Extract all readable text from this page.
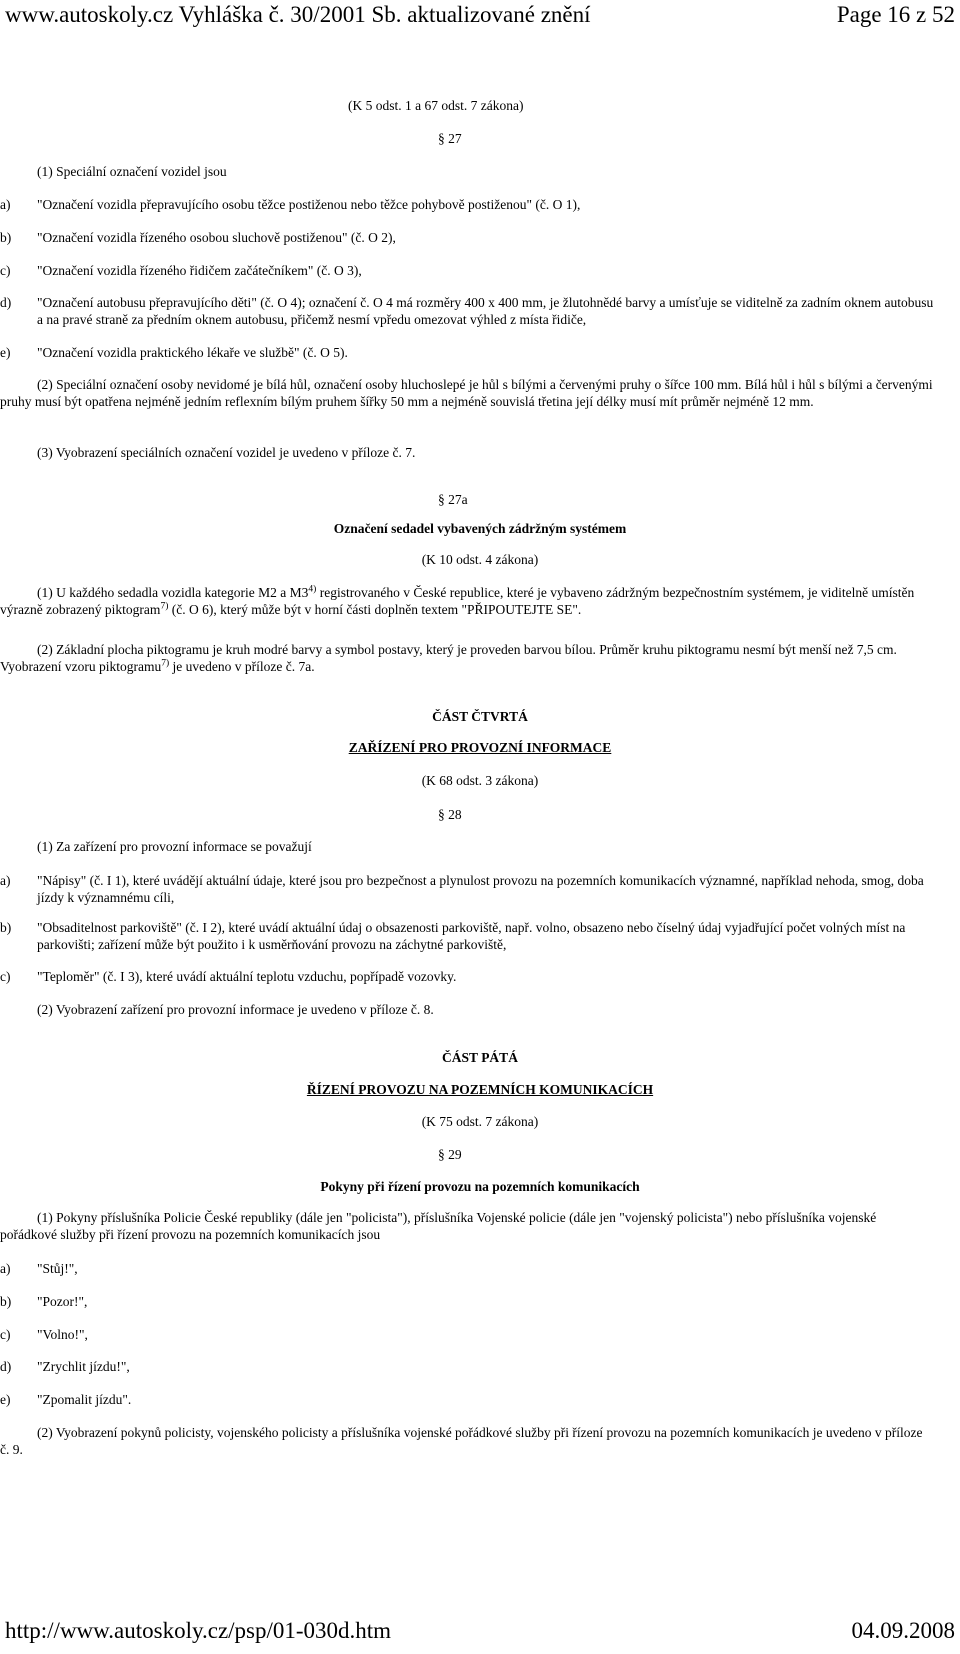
www.autoskoly.cz Vyhláška č. 30/2001 Sb. aktualizované znění	Page 16 z 52
(K 5 odst. 1 a 67 odst. 7 zákona)
§ 27
(1) Speciální označení vozidel jsou
a) "Označení vozidla přepravujícího osobu těžce postiženou nebo těžce pohybově postiženou" (č. O 1),
b) "Označení vozidla řízeného osobou sluchově postiženou" (č. O 2),
c) "Označení vozidla řízeného řidičem začátečníkem" (č. O 3),
d) "Označení autobusu přepravujícího děti" (č. O 4); označení č. O 4 má rozměry 400 x 400 mm, je žlutohnědé barvy a umísťuje se viditelně za zadním oknem autobusu a na pravé straně za předním oknem autobusu, přičemž nesmí vpředu omezovat výhled z místa řidiče,
e) "Označení vozidla praktického lékaře ve službě" (č. O 5).
(2) Speciální označení osoby nevidomé je bílá hůl, označení osoby hluchoslepé je hůl s bílými a červenými pruhy o šířce 100 mm. Bílá hůl i hůl s bílými a červenými pruhy musí být opatřena nejméně jedním reflexním bílým pruhem šířky 50 mm a nejméně souvislá třetina její délky musí mít průměr nejméně 12 mm.
(3) Vyobrazení speciálních označení vozidel je uvedeno v příloze č. 7.
§ 27a
Označení sedadel vybavených zádržným systémem
(K 10 odst. 4 zákona)
(1) U každého sedadla vozidla kategorie M2 a M3$^{4)}$ registrovaného v České republice, které je vybaveno zádržným bezpečnostním systémem, je viditelně umístěn výrazně zobrazený piktogram$^{7)}$ (č. O 6), který může být v horní části doplněn textem "PŘIPOUTEJTE SE".
(2) Základní plocha piktogramu je kruh modré barvy a symbol postavy, který je proveden barvou bílou. Průměr kruhu piktogramu nesmí být menší než 7,5 cm. Vyobrazení vzoru piktogramu$^{7)}$ je uvedeno v příloze č. 7a.
ČÁST ČTVRTÁ
ZAŘÍZENÍ PRO PROVOZNÍ INFORMACE
(K 68 odst. 3 zákona)
§ 28
(1) Za zařízení pro provozní informace se považují
a) "Nápisy" (č. I 1), které uvádějí aktuální údaje, které jsou pro bezpečnost a plynulost provozu na pozemních komunikacích významné, například nehoda, smog, doba jízdy k významnému cíli,
b) "Obsaditelnost parkoviště" (č. I 2), které uvádí aktuální údaj o obsazenosti parkoviště, např. volno, obsazeno nebo číselný údaj vyjadřující počet volných míst na parkovišti; zařízení může být použito i k usměrňování provozu na záchytné parkoviště,
c) "Teploměr" (č. I 3), které uvádí aktuální teplotu vzduchu, popřípadě vozovky.
(2) Vyobrazení zařízení pro provozní informace je uvedeno v příloze č. 8.
ČÁST PÁTÁ
ŘÍZENÍ PROVOZU NA POZEMNÍCH KOMUNIKACÍCH
(K 75 odst. 7 zákona)
§ 29
Pokyny při řízení provozu na pozemních komunikacích
(1) Pokyny příslušníka Policie České republiky (dále jen "policista"), příslušníka Vojenské policie (dále jen "vojenský policista") nebo příslušníka vojenské pořádkové služby při řízení provozu na pozemních komunikacích jsou
a) "Stůj!",
b) "Pozor!",
c) "Volno!",
d) "Zrychlit jízdu!",
e) "Zpomalit jízdu".
(2) Vyobrazení pokynů policisty, vojenského policisty a příslušníka vojenské pořádkové služby při řízení provozu na pozemních komunikacích je uvedeno v příloze č. 9.
http://www.autoskoly.cz/psp/01-030d.htm	04.09.2008
